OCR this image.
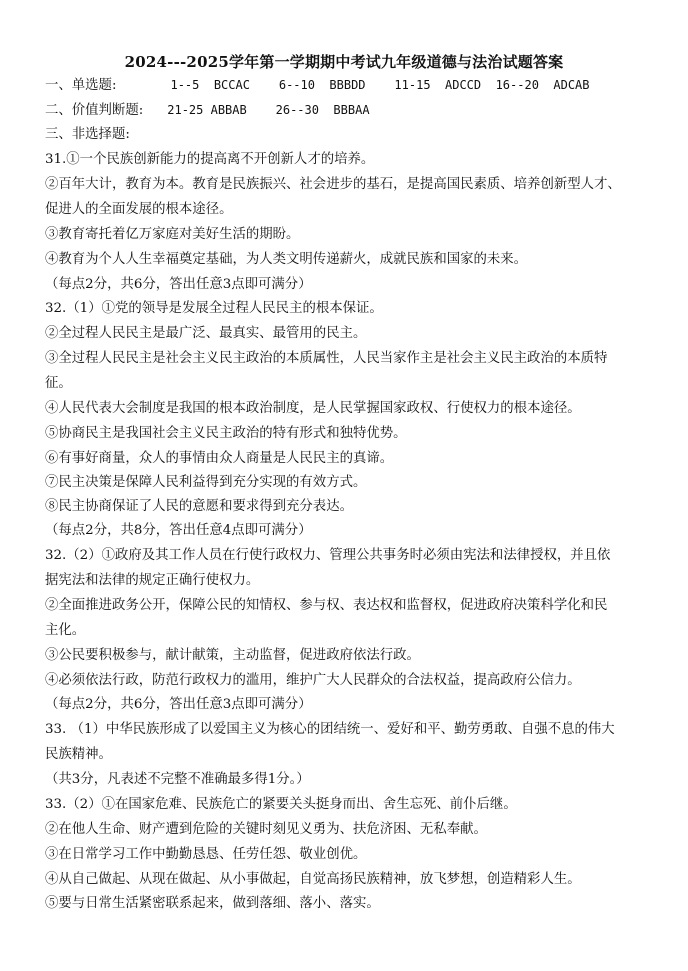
2024---2025学年第一学期期中考试九年级道德与法治试题答案
一、单选题:	1--5  BCCAC    6--10  BBBDD    11-15  ADCCD  16--20  ADCAB
二、价值判断题: 21-25 ABBAB    26--30  BBBAA
三、非选择题:
31.①一个民族创新能力的提高离不开创新人才的培养。
②百年大计，教育为本。教育是民族振兴、社会进步的基石，是提高国民素质、培养创新型人才、
促进人的全面发展的根本途径。
③教育寄托着亿万家庭对美好生活的期盼。
④教育为个人人生幸福奠定基础，为人类文明传递薪火，成就民族和国家的未来。
（每点2分，共6分，答出任意3点即可满分）
32.（1）①党的领导是发展全过程人民民主的根本保证。
②全过程人民民主是最广泛、最真实、最管用的民主。
③全过程人民民主是社会主义民主政治的本质属性，人民当家作主是社会主义民主政治的本质特
征。
④人民代表大会制度是我国的根本政治制度，是人民掌握国家政权、行使权力的根本途径。
⑤协商民主是我国社会主义民主政治的特有形式和独特优势。
⑥有事好商量，众人的事情由众人商量是人民民主的真谛。
⑦民主决策是保障人民利益得到充分实现的有效方式。
⑧民主协商保证了人民的意愿和要求得到充分表达。
（每点2分，共8分，答出任意4点即可满分）
32.（2）①政府及其工作人员在行使行政权力、管理公共事务时必须由宪法和法律授权，并且依
据宪法和法律的规定正确行使权力。
②全面推进政务公开，保障公民的知情权、参与权、表达权和监督权，促进政府决策科学化和民
主化。
③公民要积极参与，献计献策，主动监督，促进政府依法行政。
④必须依法行政，防范行政权力的滥用，维护广大人民群众的合法权益，提高政府公信力。
（每点2分，共6分，答出任意3点即可满分）
33. （1）中华民族形成了以爱国主义为核心的团结统一、爱好和平、勤劳勇敢、自强不息的伟大
民族精神。
（共3分，凡表述不完整不准确最多得1分。）
33.（2）①在国家危难、民族危亡的紧要关头挺身而出、舍生忘死、前仆后继。
②在他人生命、财产遭到危险的关键时刻见义勇为、扶危济困、无私奉献。
③在日常学习工作中勤勤恳恳、任劳任怨、敬业创优。
④从自己做起、从现在做起、从小事做起，自觉高扬民族精神，放飞梦想，创造精彩人生。
⑤要与日常生活紧密联系起来，做到落细、落小、落实。
